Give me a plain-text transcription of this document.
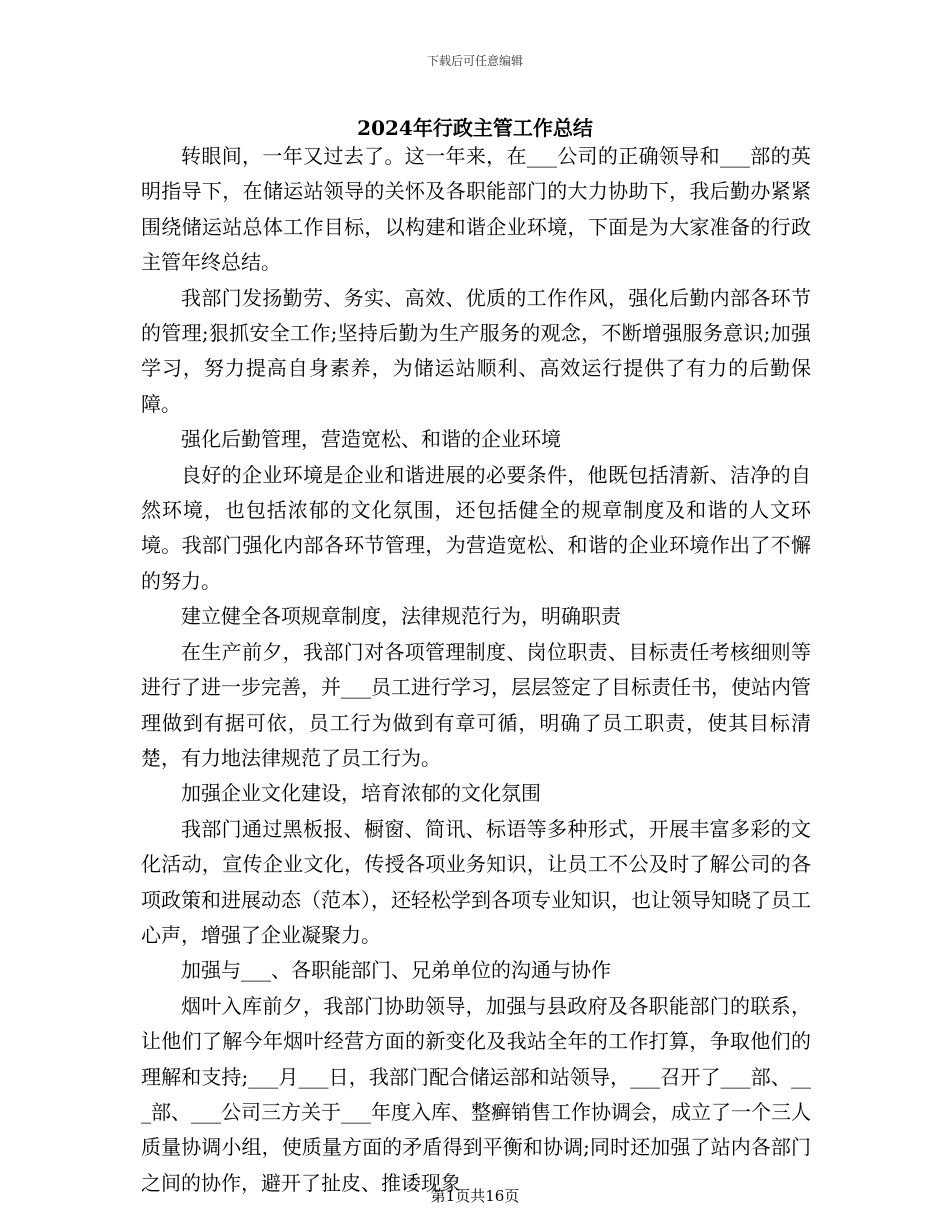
下载后可任意编辑
2024年行政主管工作总结

转眼间，一年又过去了。这一年来，在___公司的正确领导和___部的英明指导下，在储运站领导的关怀及各职能部门的大力协助下，我后勤办紧紧围绕储运站总体工作目标，以构建和谐企业环境，下面是为大家准备的行政主管年终总结。

我部门发扬勤劳、务实、高效、优质的工作作风，强化后勤内部各环节的管理;狠抓安全工作;坚持后勤为生产服务的观念，不断增强服务意识;加强学习，努力提高自身素养，为储运站顺利、高效运行提供了有力的后勤保障。

强化后勤管理，营造宽松、和谐的企业环境

良好的企业环境是企业和谐进展的必要条件，他既包括清新、洁净的自然环境，也包括浓郁的文化氛围，还包括健全的规章制度及和谐的人文环境。我部门强化内部各环节管理，为营造宽松、和谐的企业环境作出了不懈的努力。

建立健全各项规章制度，法律规范行为，明确职责

在生产前夕，我部门对各项管理制度、岗位职责、目标责任考核细则等进行了进一步完善，并___员工进行学习，层层签定了目标责任书，使站内管理做到有据可依，员工行为做到有章可循，明确了员工职责，使其目标清楚，有力地法律规范了员工行为。

加强企业文化建设，培育浓郁的文化氛围

我部门通过黑板报、橱窗、简讯、标语等多种形式，开展丰富多彩的文化活动，宣传企业文化，传授各项业务知识，让员工不公及时了解公司的各项政策和进展动态（范本），还轻松学到各项专业知识，也让领导知晓了员工心声，增强了企业凝聚力。

加强与___、各职能部门、兄弟单位的沟通与协作

烟叶入库前夕，我部门协助领导，加强与县政府及各职能部门的联系，让他们了解今年烟叶经营方面的新变化及我站全年的工作打算，争取他们的理解和支持;___月___日，我部门配合储运部和站领导，___召开了___部、___部、___公司三方关于___年度入库、整癣销售工作协调会，成立了一个三人质量协调小组，使质量方面的矛盾得到平衡和协调;同时还加强了站内各部门之间的协作，避开了扯皮、推诿现象

第1页共16页
